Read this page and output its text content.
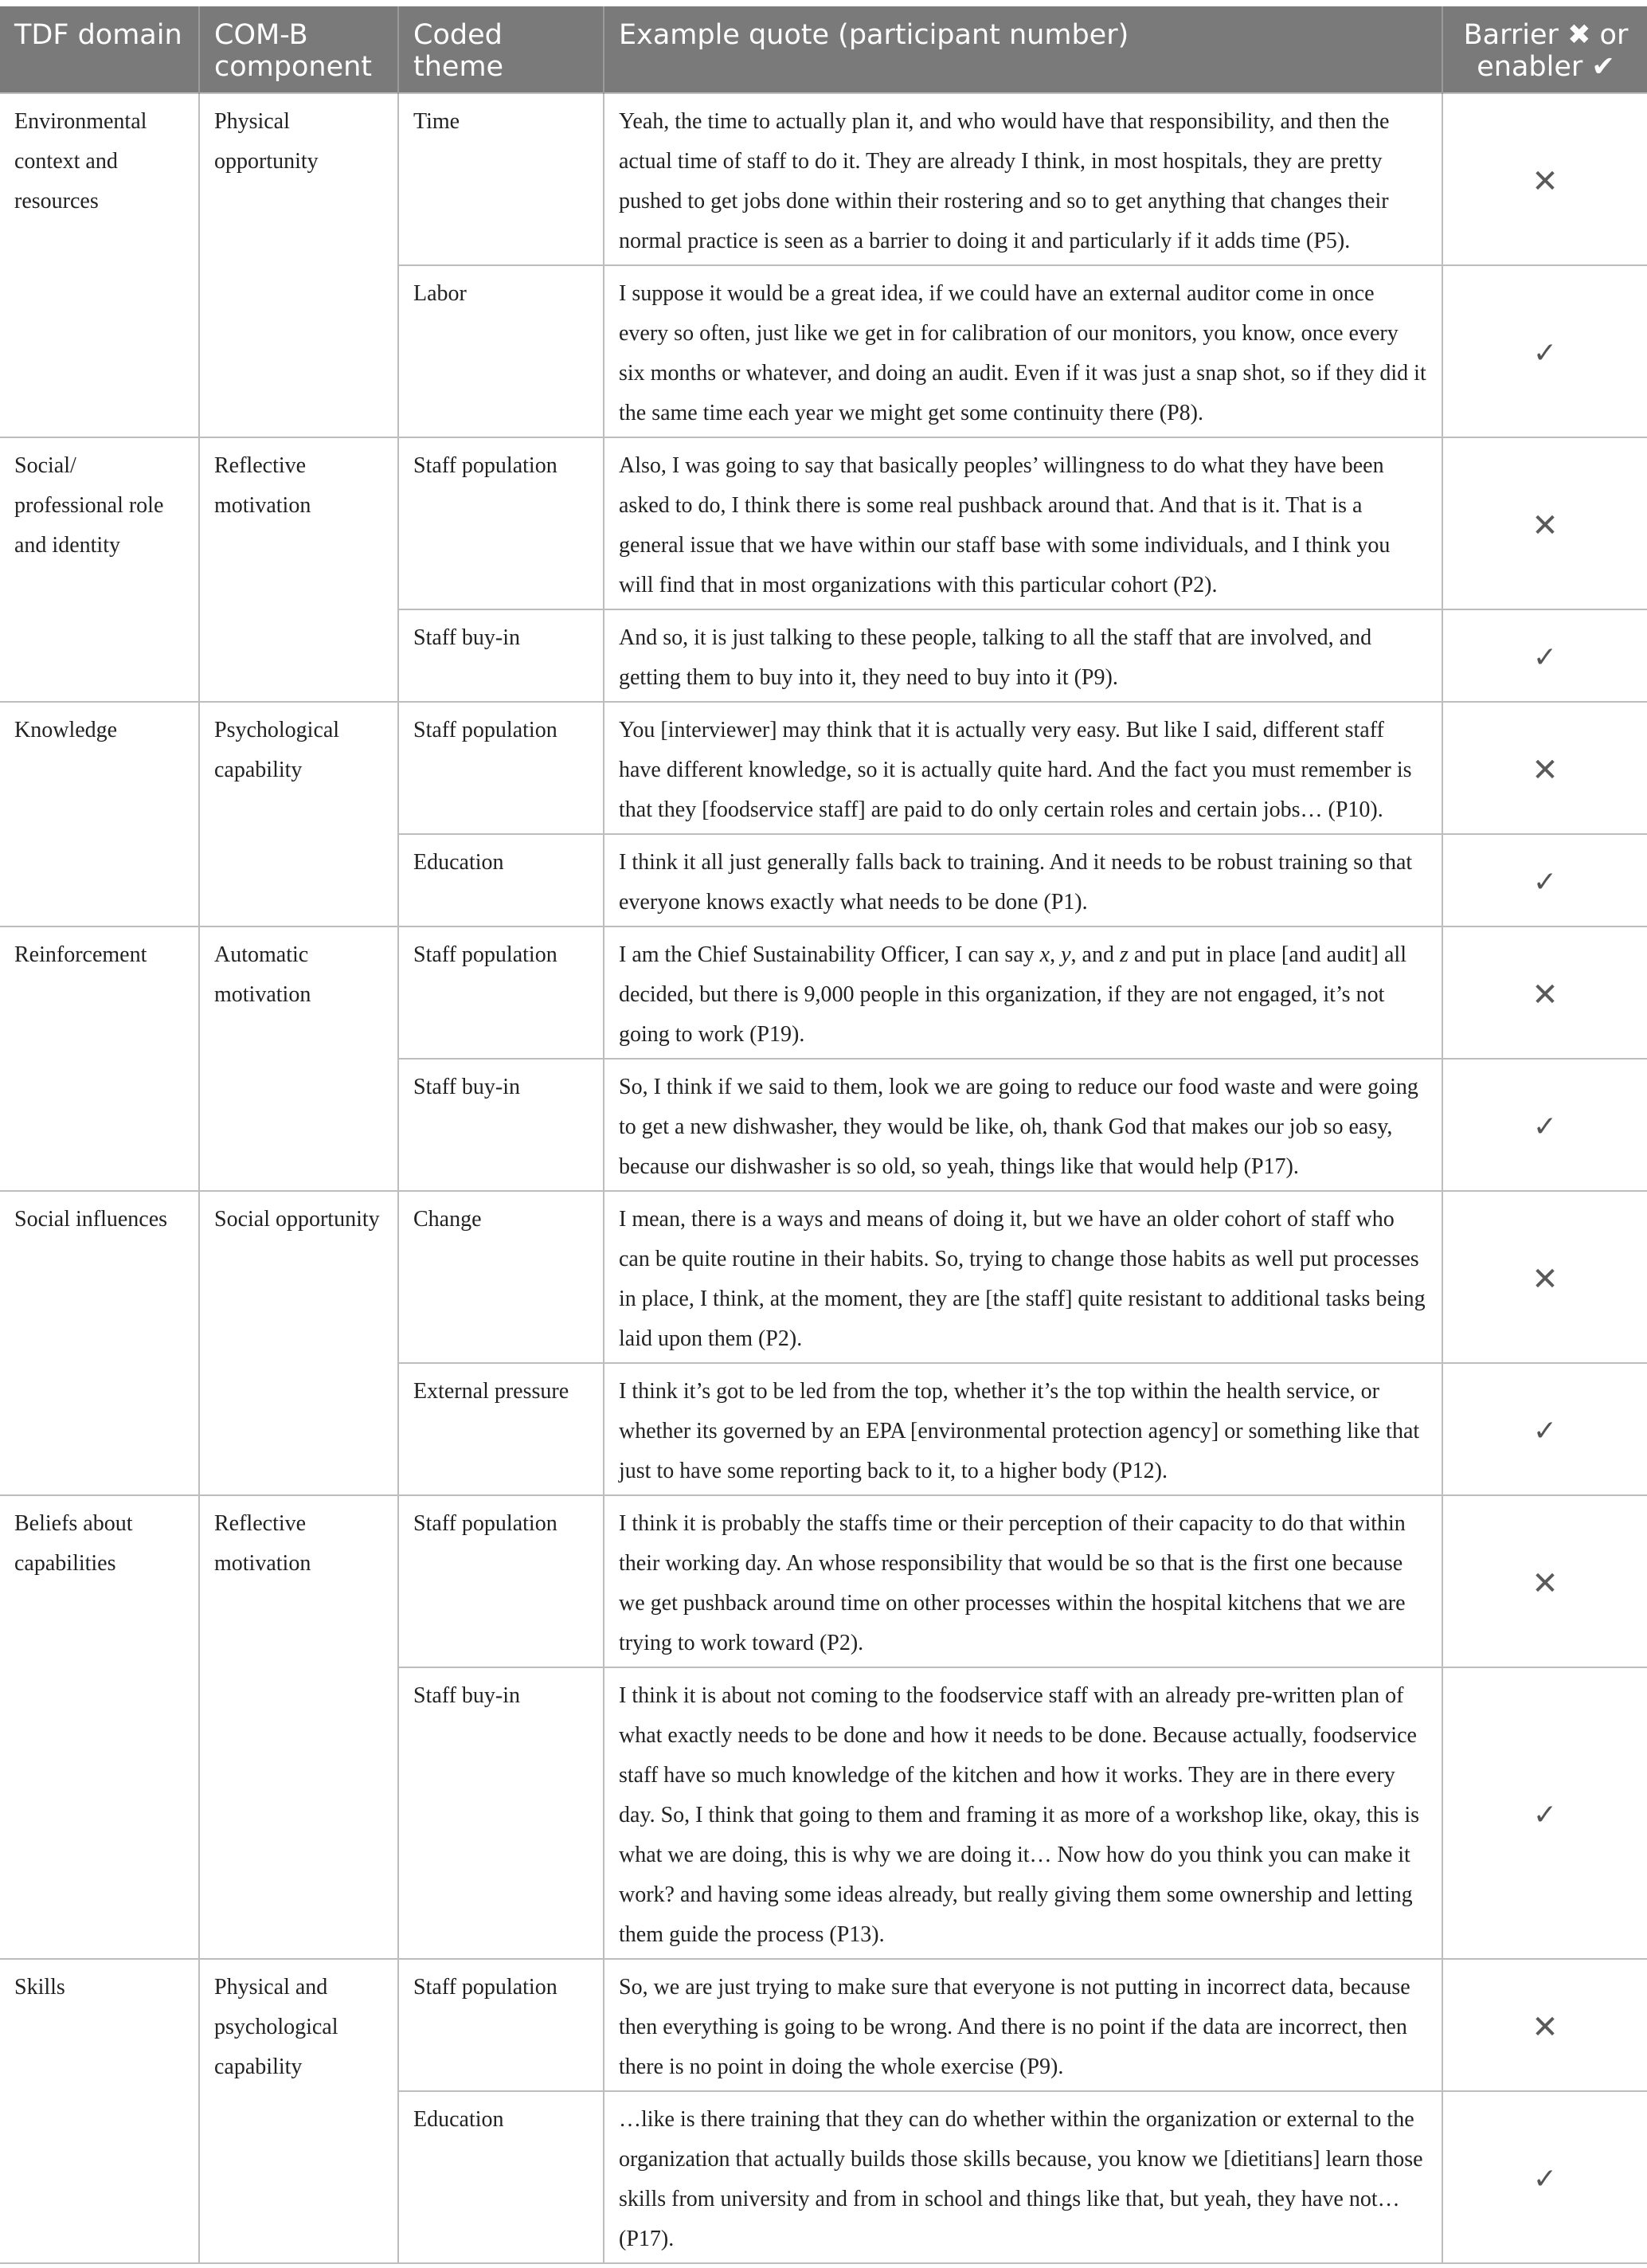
TDF domain	COM-B component	Coded theme	Example quote (participant number)	Barrier ✖ or enabler ✔
Environmental context and resources	Physical opportunity	Time	Yeah, the time to actually plan it, and who would have that responsibility, and then the actual time of staff to do it. They are already I think, in most hospitals, they are pretty pushed to get jobs done within their rostering and so to get anything that changes their normal practice is seen as a barrier to doing it and particularly if it adds time (P5).	✕
		Labor	I suppose it would be a great idea, if we could have an external auditor come in once every so often, just like we get in for calibration of our monitors, you know, once every six months or whatever, and doing an audit. Even if it was just a snap shot, so if they did it the same time each year we might get some continuity there (P8).	✓
Social/ professional role and identity	Reflective motivation	Staff population	Also, I was going to say that basically peoples’ willingness to do what they have been asked to do, I think there is some real pushback around that. And that is it. That is a general issue that we have within our staff base with some individuals, and I think you will find that in most organizations with this particular cohort (P2).	✕
		Staff buy-in	And so, it is just talking to these people, talking to all the staff that are involved, and getting them to buy into it, they need to buy into it (P9).	✓
Knowledge	Psychological capability	Staff population	You [interviewer] may think that it is actually very easy. But like I said, different staff have different knowledge, so it is actually quite hard. And the fact you must remember is that they [foodservice staff] are paid to do only certain roles and certain jobs… (P10).	✕
		Education	I think it all just generally falls back to training. And it needs to be robust training so that everyone knows exactly what needs to be done (P1).	✓
Reinforcement	Automatic motivation	Staff population	I am the Chief Sustainability Officer, I can say x, y, and z and put in place [and audit] all decided, but there is 9,000 people in this organization, if they are not engaged, it’s not going to work (P19).	✕
		Staff buy-in	So, I think if we said to them, look we are going to reduce our food waste and were going to get a new dishwasher, they would be like, oh, thank God that makes our job so easy, because our dishwasher is so old, so yeah, things like that would help (P17).	✓
Social influences	Social opportunity	Change	I mean, there is a ways and means of doing it, but we have an older cohort of staff who can be quite routine in their habits. So, trying to change those habits as well put processes in place, I think, at the moment, they are [the staff] quite resistant to additional tasks being laid upon them (P2).	✕
		External pressure	I think it’s got to be led from the top, whether it’s the top within the health service, or whether its governed by an EPA [environmental protection agency] or something like that just to have some reporting back to it, to a higher body (P12).	✓
Beliefs about capabilities	Reflective motivation	Staff population	I think it is probably the staffs time or their perception of their capacity to do that within their working day. An whose responsibility that would be so that is the first one because we get pushback around time on other processes within the hospital kitchens that we are trying to work toward (P2).	✕
		Staff buy-in	I think it is about not coming to the foodservice staff with an already pre-written plan of what exactly needs to be done and how it needs to be done. Because actually, foodservice staff have so much knowledge of the kitchen and how it works. They are in there every day. So, I think that going to them and framing it as more of a workshop like, okay, this is what we are doing, this is why we are doing it… Now how do you think you can make it work? and having some ideas already, but really giving them some ownership and letting them guide the process (P13).	✓
Skills	Physical and psychological capability	Staff population	So, we are just trying to make sure that everyone is not putting in incorrect data, because then everything is going to be wrong. And there is no point if the data are incorrect, then there is no point in doing the whole exercise (P9).	✕
		Education	…like is there training that they can do whether within the organization or external to the organization that actually builds those skills because, you know we [dietitians] learn those skills from university and from in school and things like that, but yeah, they have not… (P17).	✓
